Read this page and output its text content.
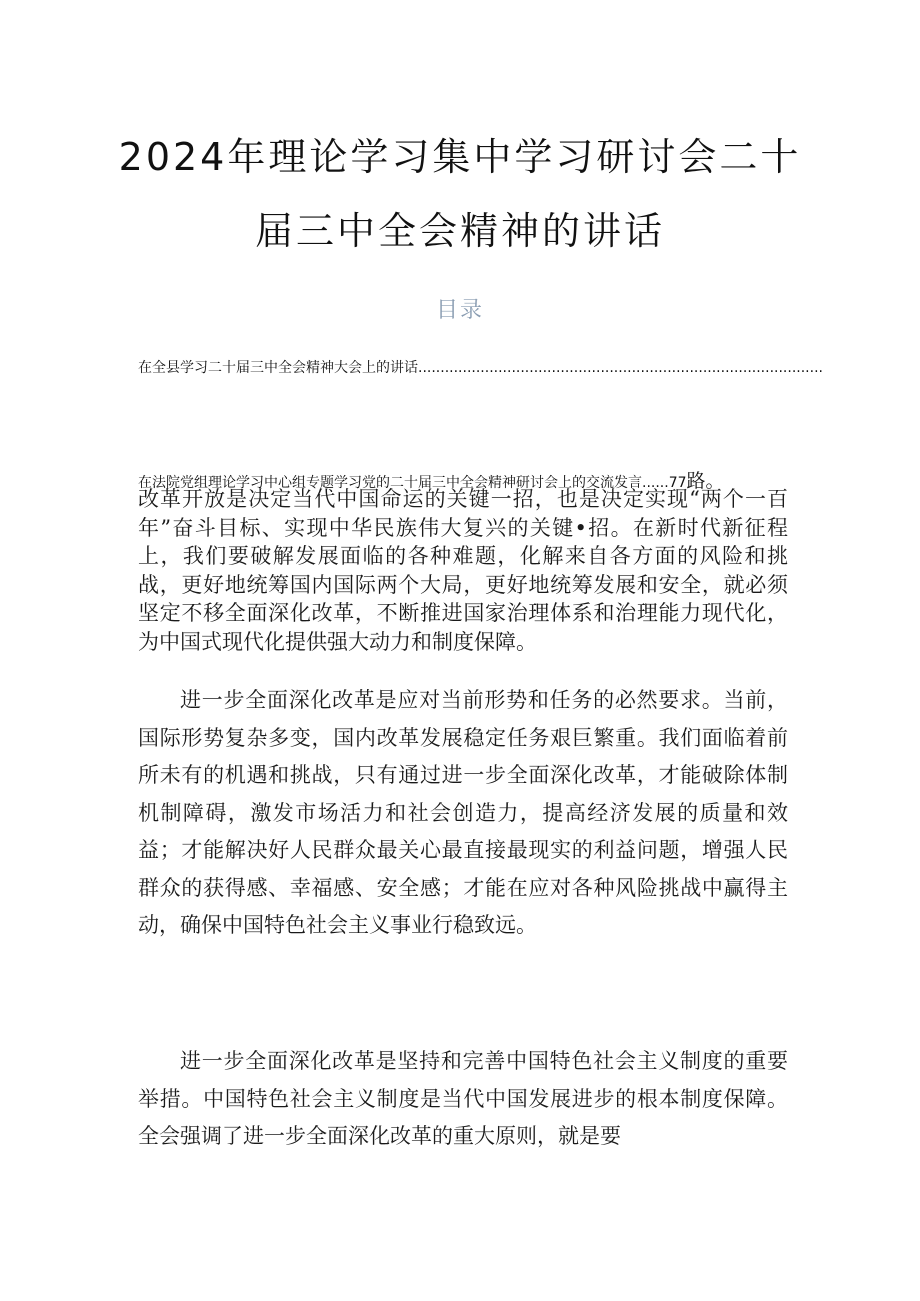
2024年理论学习集中学习研讨会二十
届三中全会精神的讲话
目录
在全县学习二十届三中全会精神大会上的讲话...........................................................................................
在法院党组理论学习中心组专题学习党的二十届三中全会精神研讨会上的交流发言......77路。

改革开放是决定当代中国命运的关键一招，也是决定实现“两个一百年”奋斗目标、实现中华民族伟大复兴的关键•招。在新时代新征程上，我们要破解发展面临的各种难题，化解来自各方面的风险和挑战，更好地统筹国内国际两个大局，更好地统筹发展和安全，就必须坚定不移全面深化改革，不断推进国家治理体系和治理能力现代化，为中国式现代化提供强大动力和制度保障。

进一步全面深化改革是应对当前形势和任务的必然要求。当前，国际形势复杂多变，国内改革发展稳定任务艰巨繁重。我们面临着前所未有的机遇和挑战，只有通过进一步全面深化改革，才能破除体制机制障碍，激发市场活力和社会创造力，提高经济发展的质量和效益；才能解决好人民群众最关心最直接最现实的利益问题，增强人民群众的获得感、幸福感、安全感；才能在应对各种风险挑战中赢得主动，确保中国特色社会主义事业行稳致远。

进一步全面深化改革是坚持和完善中国特色社会主义制度的重要举措。中国特色社会主义制度是当代中国发展进步的根本制度保障。全会强调了进一步全面深化改革的重大原则，就是要
